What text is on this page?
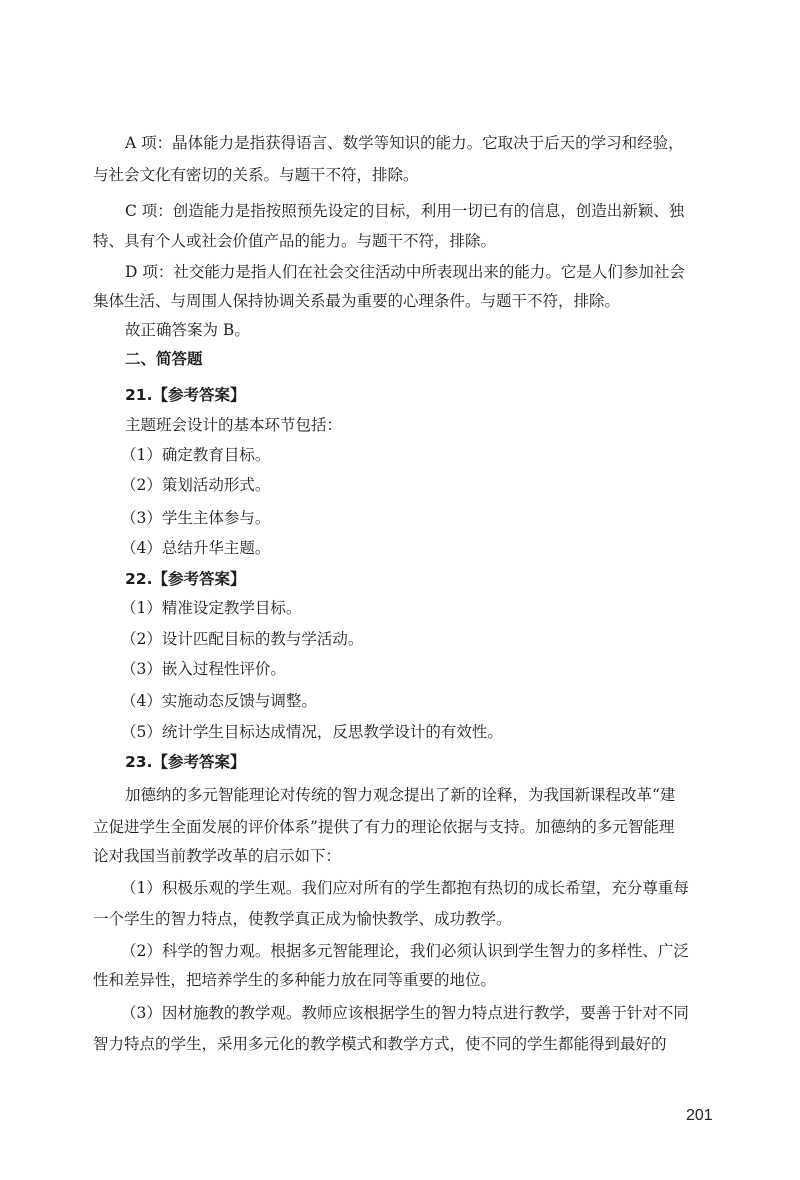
A 项：晶体能力是指获得语言、数学等知识的能力。它取决于后天的学习和经验，
与社会文化有密切的关系。与题干不符，排除。
C 项：创造能力是指按照预先设定的目标，利用一切已有的信息，创造出新颖、独
特、具有个人或社会价值产品的能力。与题干不符，排除。
D 项：社交能力是指人们在社会交往活动中所表现出来的能力。它是人们参加社会
集体生活、与周围人保持协调关系最为重要的心理条件。与题干不符，排除。
故正确答案为 B。
二、简答题
21.【参考答案】
主题班会设计的基本环节包括：
（1）确定教育目标。
（2）策划活动形式。
（3）学生主体参与。
（4）总结升华主题。
22.【参考答案】
（1）精准设定教学目标。
（2）设计匹配目标的教与学活动。
（3）嵌入过程性评价。
（4）实施动态反馈与调整。
（5）统计学生目标达成情况，反思教学设计的有效性。
23.【参考答案】
加德纳的多元智能理论对传统的智力观念提出了新的诠释，为我国新课程改革“建
立促进学生全面发展的评价体系”提供了有力的理论依据与支持。加德纳的多元智能理
论对我国当前教学改革的启示如下：
（1）积极乐观的学生观。我们应对所有的学生都抱有热切的成长希望，充分尊重每
一个学生的智力特点，使教学真正成为愉快教学、成功教学。
（2）科学的智力观。根据多元智能理论，我们必须认识到学生智力的多样性、广泛
性和差异性，把培养学生的多种能力放在同等重要的地位。
（3）因材施教的教学观。教师应该根据学生的智力特点进行教学，要善于针对不同
智力特点的学生，采用多元化的教学模式和教学方式，使不同的学生都能得到最好的
201
